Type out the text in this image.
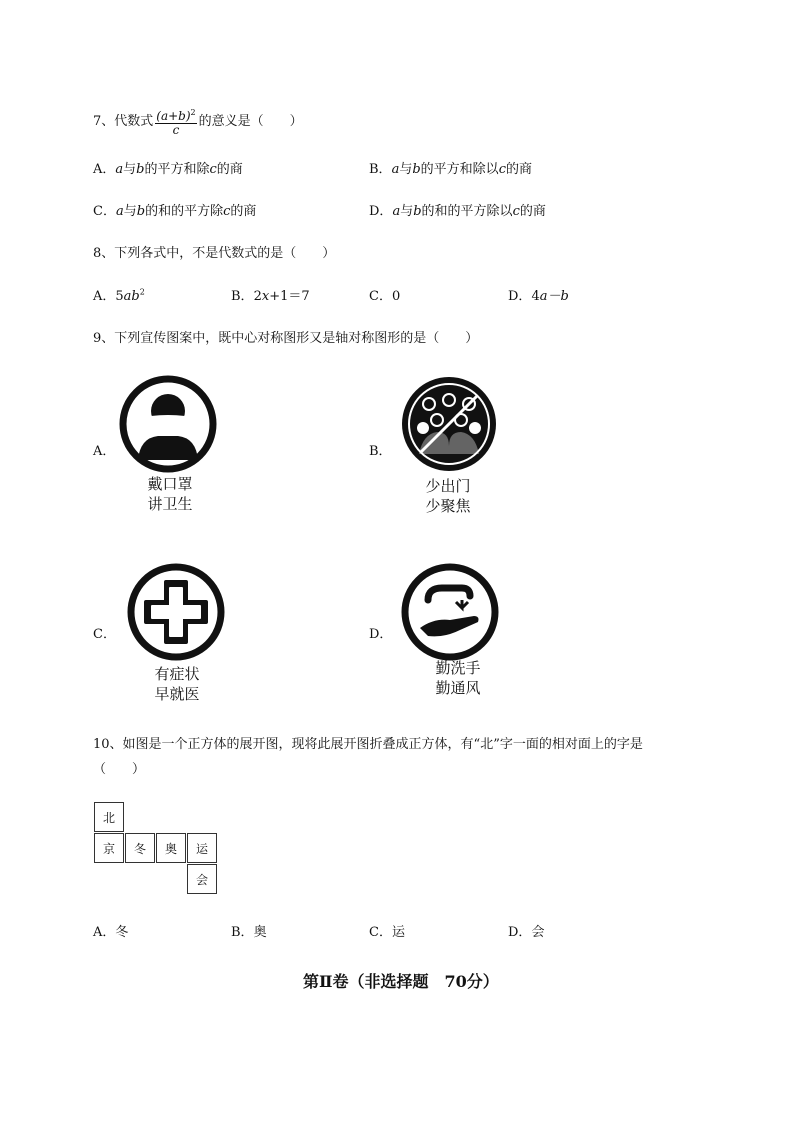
7、代数式 $\frac{(a+b)^2}{c}$ 的意义是（　　）
A．a与b的平方和除c的商	B．a与b的平方和除以c的商
C．a与b的和的平方除c的商	D．a与b的和的平方除以c的商
8、下列各式中，不是代数式的是（　　）
A．$5ab^2$	B．2x+1＝7	C．0	D．4a－b
9、下列宣传图案中，既中心对称图形又是轴对称图形的是（　　）
A．
戴口罩
讲卫生
B．
少出门
少聚焦
C．
有症状
早就医
D．
勤洗手
勤通风
10、如图是一个正方体的展开图，现将此展开图折叠成正方体，有“北”字一面的相对面上的字是
（　　）
北
京	冬	奥	运
会
A．冬	B．奥	C．运	D．会
第Ⅱ卷（非选择题　70分）
